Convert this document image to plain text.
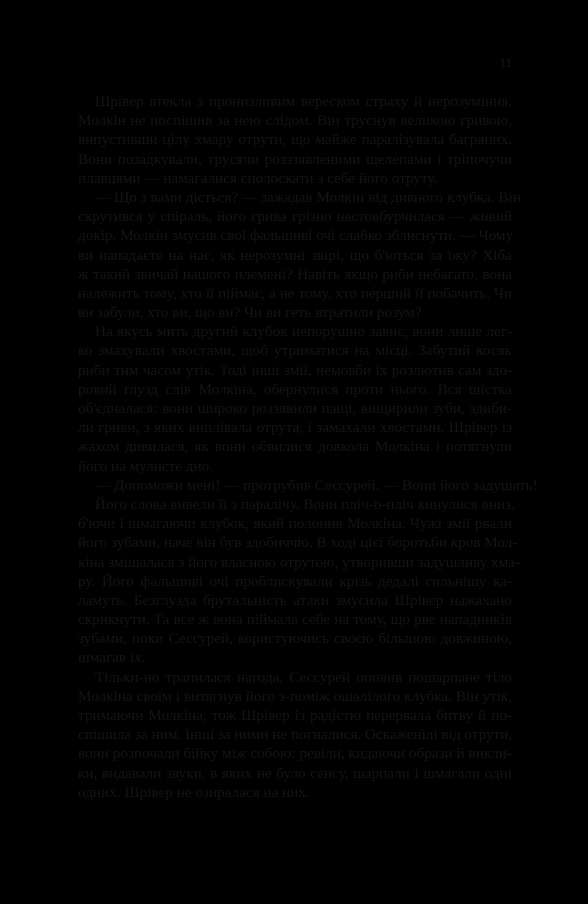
11
Шрівер втекла з пронизливим вереском страху й нерозуміння.
Молкін не поспішив за нею слідом. Він труснув великою гривою,
випустивши цілу хмару отрути, що майже паралізувала багряних.
Вони позадкували, трусячи розззявленими щелепами і тріпочучи
плавцями — намагалися сполоскати з себе його отруту.
— Що з вами діється? — зажадав Молкін від дивного клубка. Він
скрутився у спіраль, його грива грізно настовбурчилася — живий
докір. Молкін змусив свої фальшиві очі слабко зблиснути. — Чому
ви нападаєте на нас, як нерозумні звірі, що б'ються за їжу? Хіба
ж такий звичай нашого племені? Навіть якщо риби небагато, вона
належить тому, хто її піймає, а не тому, хто перший її побачить. Чи
ви забули, хто ви, що ви? Чи ви геть втратили розум?
На якусь мить другий клубок непорушно завис, вони лише лег-
ко змахували хвостами, щоб утриматися на місці. Забутий косяк
риби тим часом утік. Тоді інші змії, немовби їх розлютив сам здо-
ровий глузд слів Молкіна, обернулися проти нього. Вся шістка
об'єдналася: вони широко роззявили пащі, вищирили зуби, здиби-
ли гриви, з яких виплівала отрута, і замахали хвостами. Шрівер із
жахом дивилася, як вони обвилися довкола Молкіна і потягнули
його на мулисте дно.
— Допоможи мені! — протрубив Сессурей. — Вони його задушать!
Його слова вивели її з паралічу. Вони пліч-о-пліч кинулися вниз,
б'ючи і шмагаючи клубок, який полонив Молкіна. Чужі змії рвали
його зубами, наче він був здобиччю. В ході цієї боротьби кров Мол-
кіна змішалася з його власною отрутою, утворивши задушливу хма-
ру. Його фальшиві очі проблискували крізь дедалі сильнішу ка-
ламуть. Безглузда брутальність атаки змусила Шрівер нажахано
скрикнути. Та все ж вона піймала себе на тому, що рве нападників
зубами, поки Сессурей, користуючись своєю більшою довжиною,
шмагав їх.
Тільки-но трапилася нагода, Сессурей оповив пошарпане тіло
Молкіна своїм і витягнув його з-поміж ошалілого клубка. Він утік,
тримаючи Молкіна, тож Шрівер із радістю перервала битву й по-
спішила за ним. Інші за ними не погналися. Оскаженілі від отрути,
вони розпочали бійку між собою: ревіли, кидаючи образи й викли-
ки, видавали звуки, в яких не було сенсу, шарпали і шмагали одні
одних. Шрівер не озиралася на них.
